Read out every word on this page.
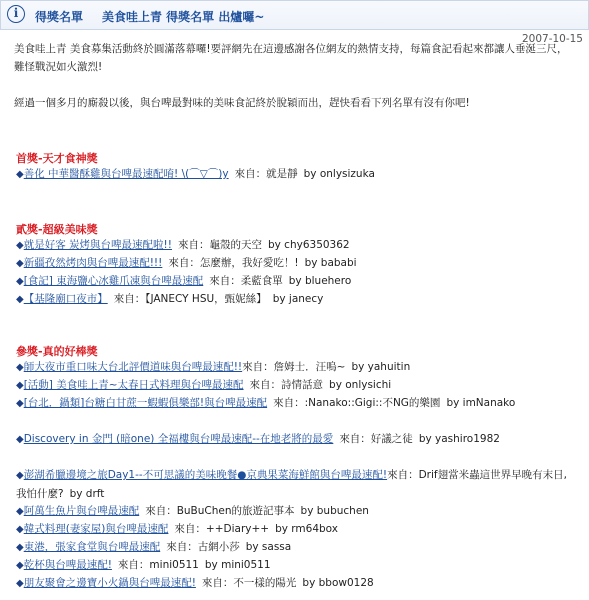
i	得獎名單 美食哇上青 得獎名單 出爐囉~
2007-10-15
美食哇上青 美食募集活動終於圓滿落幕囉!要評網先在這邊感謝各位網友的熱情支持，每篇食記看起來都讓人垂涎三尺，難怪戰況如火激烈!
經過一個多月的廝殺以後，與台啤最對味的美味食記終於脫穎而出，趕快看看下列名單有沒有你吧!
首獎-天才食神獎
◆善化 中華醫酥雞與台啤最速配唷! \(⌒▽⌒)y 來自：就是靜 by onlysizuka
貳獎-超級美味獎
◆就是好客 炭烤與台啤最速配啦!! 來自：龜殼的天空 by chy6350362
◆新疆孜然烤肉與台啤最速配!!! 來自：怎麼辦，我好愛吃！! by bababi
◆[食記] 東海鹽心冰雞爪凍與台啤最速配 來自：柔藍食單 by bluehero
◆【基隆廟口夜市】 來自：【JANECY HSU，甄妮絲】 by janecy
參獎-真的好棒獎
◆師大夜市重口味大台北評價道味與台啤最速配!!來自：詹姆士．汪嗚~ by yahuitin
◆[活動] 美食哇上青~太春日式料理與台啤最速配 來自：詩情話意 by onlysichi
◆[台北．鍋類]台糖白甘蔗一蝦蝦俱樂部!與台啤最速配 來自：:Nanako::Gigi::不NG的樂園 by imNanako
◆Discovery in 金門 (暗one) 全福樓與台啤最速配--在地老將的最愛 來自：好議之徒 by yashiro1982
◆澎湖希臘邊境之旅Day1--不可思議的美味晚餐●京典果菜海鮮館與台啤最速配!來自：Drif翅當米蟲這世界早晚有末日,我怕什麼? by drft
◆阿萬生魚片與台啤最速配 來自：BuBuChen的旅遊記事本 by bubuchen
◆韓式料理(妻家屋)與台啤最速配 來自：++Diary++ by rm64box
◆東港，張家食堂與台啤最速配 來自：古網小莎 by sassa
◆乾杯與台啤最速配! 來自：mini0511 by mini0511
◆朋友聚會之邊寶小火鍋與台啤最速配! 來自：不一樣的陽光 by bbow0128
